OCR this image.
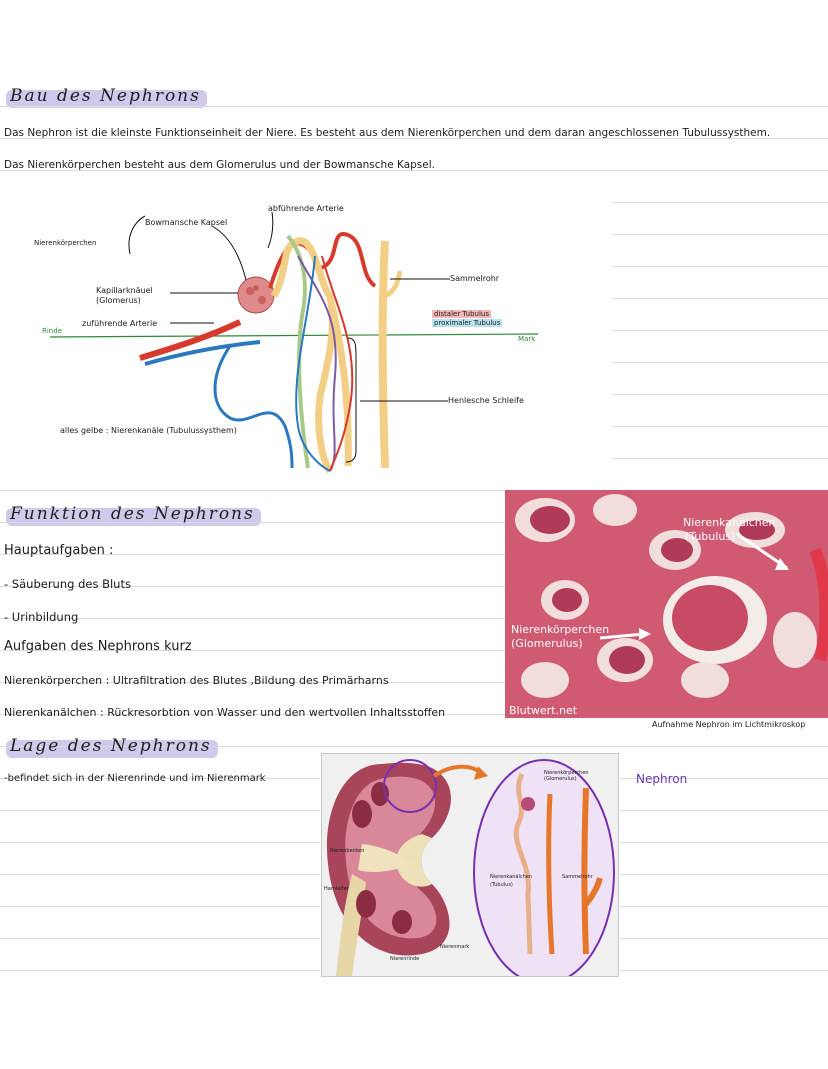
Bau des Nephrons
Das Nephron ist die kleinste Funktionseinheit der Niere. Es besteht aus dem Nierenkörperchen und dem daran angeschlossenen Tubulussysthem.
Das Nierenkörperchen besteht aus dem Glomerulus und der Bowmansche Kapsel.
Bowmansche Kapsel
abführende Arterie
Nierenkörperchen
Kapillarknäuel
(Glomerus)
zuführende Arterie
Rinde
Mark
Sammelrohr
distaler Tubulus
proximaler Tubulus
Henlesche Schleife
alles gelbe : Nierenkanäle (Tubulussysthem)
Funktion des Nephrons
Hauptaufgaben :
- Säuberung des Bluts
- Urinbildung
Aufgaben des Nephrons kurz
Nierenkörperchen : Ultrafiltration des Blutes ,Bildung des Primärharns
Nierenkanälchen : Rückresorbtion von Wasser und den wertvollen Inhaltsstoffen
Nierenkanälchen
(Tubulus)
Nierenkörperchen
(Glomerulus)
Blutwert.net
Aufnahme Nephron im Lichtmikroskop
Lage des Nephrons
-befindet sich in der Nierenrinde und im Nierenmark	Nephron
Nierenbecken
Harnleiter
Nierenmark
Nierenrinde
Nierenkanälchen
(Tubulus)
Sammelrohr
Nierenkörperchen
(Glomerulus)
